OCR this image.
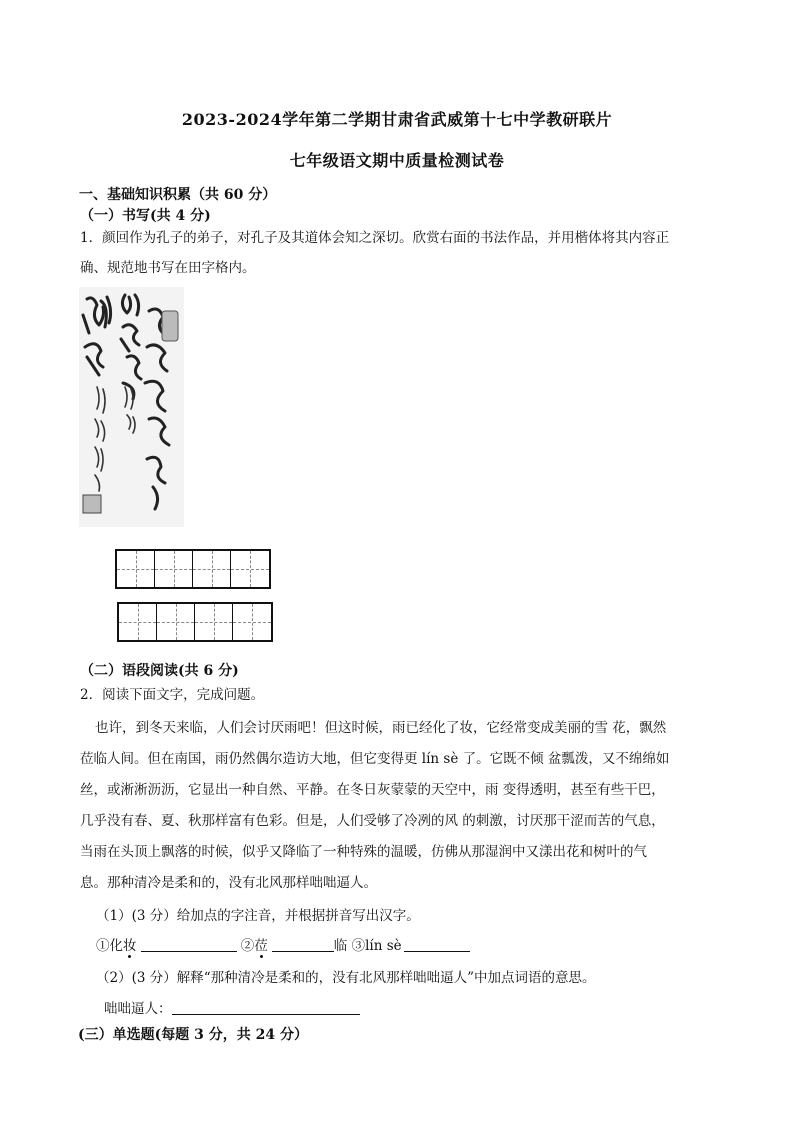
2023-2024学年第二学期甘肃省武威第十七中学教研联片
七年级语文期中质量检测试卷
一、基础知识积累（共 60 分）
（一）书写(共 4 分)
1．颜回作为孔子的弟子，对孔子及其道体会知之深切。欣赏右面的书法作品，并用楷体将其内容正
确、规范地书写在田字格内。
（二）语段阅读(共 6 分)
2．阅读下面文字，完成问题。
也许，到冬天来临，人们会讨厌雨吧！但这时候，雨已经化了妆，它经常变成美丽的雪 花，飘然
莅临人间。但在南国，雨仍然偶尔造访大地，但它变得更 lín sè 了。它既不倾 盆瓢泼，又不绵绵如
丝，或淅淅沥沥，它显出一种自然、平静。在冬日灰蒙蒙的天空中，雨 变得透明，甚至有些干巴，
几乎没有春、夏、秋那样富有色彩。但是，人们受够了冷冽的风 的刺激，讨厌那干涩而苦的气息，
当雨在头顶上飘落的时候，似乎又降临了一种特殊的温暖，仿佛从那湿润中又漾出花和树叶的气
息。那种清冷是柔和的，没有北风那样咄咄逼人。
（1）(3 分）给加点的字注音，并根据拼音写出汉字。
①化妆	②莅	临 ③lín sè
（2）(3 分）解释“那种清冷是柔和的，没有北风那样咄咄逼人”中加点词语的意思。
咄咄逼人：
(三）单选题(每题 3 分，共 24 分）
